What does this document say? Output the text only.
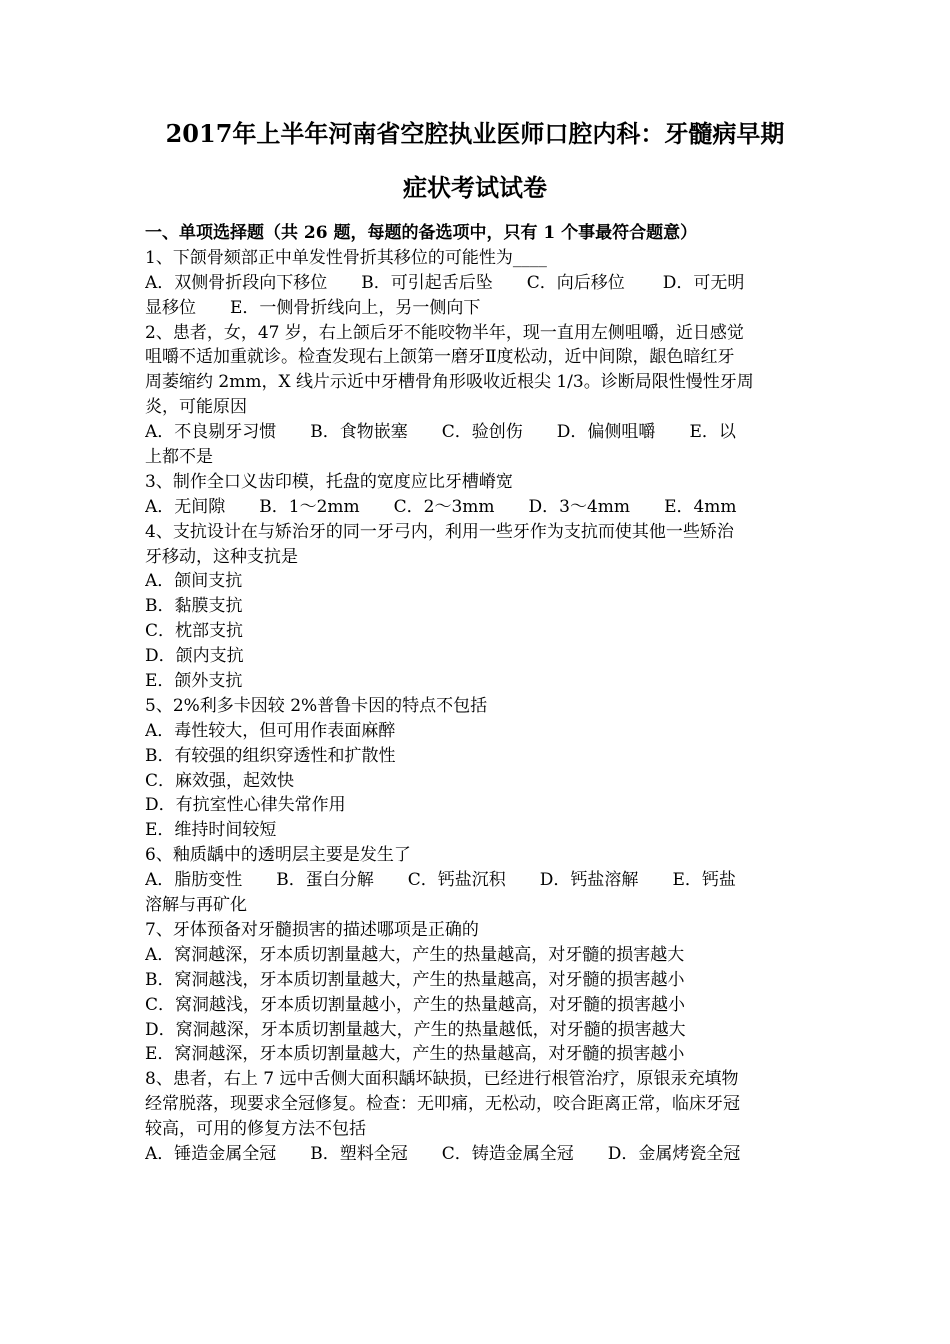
2017年上半年河南省空腔执业医师口腔内科：牙髓病早期
症状考试试卷
一、单项选择题（共 26 题，每题的备选项中，只有 1 个事最符合题意）
1、下颌骨颏部正中单发性骨折其移位的可能性为____
A．双侧骨折段向下移位 B．可引起舌后坠 C．向后移位 D．可无明
显移位 E．一侧骨折线向上，另一侧向下
2、患者，女，47 岁，右上颌后牙不能咬物半年，现一直用左侧咀嚼，近日感觉
咀嚼不适加重就诊。检查发现右上颌第一磨牙Ⅱ度松动，近中间隙，龈色暗红牙
周萎缩约 2mm，X 线片示近中牙槽骨角形吸收近根尖 1/3。诊断局限性慢性牙周
炎，可能原因
A．不良剔牙习惯 B．食物嵌塞 C．验创伤 D．偏侧咀嚼 E．以
上都不是
3、制作全口义齿印模，托盘的宽度应比牙槽嵴宽
A．无间隙 B．1～2mm C．2～3mm D．3～4mm E．4mm
4、支抗设计在与矫治牙的同一牙弓内，利用一些牙作为支抗而使其他一些矫治
牙移动，这种支抗是
A．颌间支抗
B．黏膜支抗
C．枕部支抗
D．颌内支抗
E．颌外支抗
5、2%利多卡因较 2%普鲁卡因的特点不包括
A．毒性较大，但可用作表面麻醉
B．有较强的组织穿透性和扩散性
C．麻效强，起效快
D．有抗室性心律失常作用
E．维持时间较短
6、釉质龋中的透明层主要是发生了
A．脂肪变性 B．蛋白分解 C．钙盐沉积 D．钙盐溶解 E．钙盐
溶解与再矿化
7、牙体预备对牙髓损害的描述哪项是正确的
A．窝洞越深，牙本质切割量越大，产生的热量越高，对牙髓的损害越大
B．窝洞越浅，牙本质切割量越大，产生的热量越高，对牙髓的损害越小
C．窝洞越浅，牙本质切割量越小，产生的热量越高，对牙髓的损害越小
D．窝洞越深，牙本质切割量越大，产生的热量越低，对牙髓的损害越大
E．窝洞越深，牙本质切割量越大，产生的热量越高，对牙髓的损害越小
8、患者，右上 7 远中舌侧大面积龋坏缺损，已经进行根管治疗，原银汞充填物
经常脱落，现要求全冠修复。检查：无叩痛，无松动，咬合距离正常，临床牙冠
较高，可用的修复方法不包括
A．锤造金属全冠 B．塑料全冠 C．铸造金属全冠 D．金属烤瓷全冠
